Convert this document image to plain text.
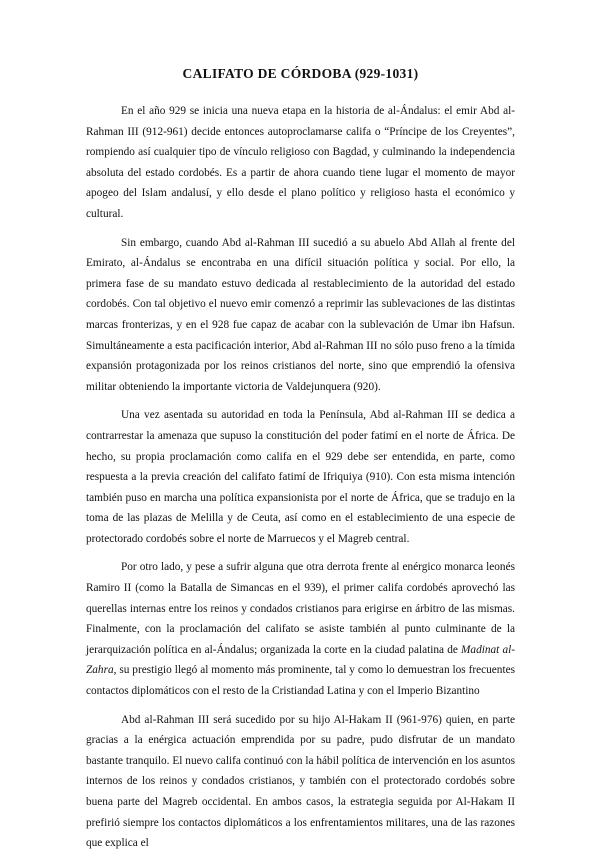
CALIFATO DE CÓRDOBA (929-1031)

En el año 929 se inicia una nueva etapa en la historia de al-Ándalus: el emir Abd al-Rahman III (912-961) decide entonces autoproclamarse califa o “Príncipe de los Creyentes”, rompiendo así cualquier tipo de vínculo religioso con Bagdad, y culminando la independencia absoluta del estado cordobés. Es a partir de ahora cuando tiene lugar el momento de mayor apogeo del Islam andalusí, y ello desde el plano político y religioso hasta el económico y cultural.

Sin embargo, cuando Abd al-Rahman III sucedió a su abuelo Abd Allah al frente del Emirato, al-Ándalus se encontraba en una difícil situación política y social. Por ello, la primera fase de su mandato estuvo dedicada al restablecimiento de la autoridad del estado cordobés. Con tal objetivo el nuevo emir comenzó a reprimir las sublevaciones de las distintas marcas fronterizas, y en el 928 fue capaz de acabar con la sublevación de Umar ibn Hafsun. Simultáneamente a esta pacificación interior, Abd al-Rahman III no sólo puso freno a la tímida expansión protagonizada por los reinos cristianos del norte, sino que emprendió la ofensiva militar obteniendo la importante victoria de Valdejunquera (920).

Una vez asentada su autoridad en toda la Península, Abd al-Rahman III se dedica a contrarrestar la amenaza que supuso la constitución del poder fatimí en el norte de África. De hecho, su propia proclamación como califa en el 929 debe ser entendida, en parte, como respuesta a la previa creación del califato fatimí de Ifriquiya (910). Con esta misma intención también puso en marcha una política expansionista por el norte de África, que se tradujo en la toma de las plazas de Melilla y de Ceuta, así como en el establecimiento de una especie de protectorado cordobés sobre el norte de Marruecos y el Magreb central.

Por otro lado, y pese a sufrir alguna que otra derrota frente al enérgico monarca leonés Ramiro II (como la Batalla de Simancas en el 939), el primer califa cordobés aprovechó las querellas internas entre los reinos y condados cristianos para erigirse en árbitro de las mismas. Finalmente, con la proclamación del califato se asiste también al punto culminante de la jerarquización política en al-Ándalus; organizada la corte en la ciudad palatina de Madinat al-Zahra, su prestigio llegó al momento más prominente, tal y como lo demuestran los frecuentes contactos diplomáticos con el resto de la Cristiandad Latina y con el Imperio Bizantino

Abd al-Rahman III será sucedido por su hijo Al-Hakam II (961-976) quien, en parte gracias a la enérgica actuación emprendida por su padre, pudo disfrutar de un mandato bastante tranquilo. El nuevo califa continuó con la hábil política de intervención en los asuntos internos de los reinos y condados cristianos, y también con el protectorado cordobés sobre buena parte del Magreb occidental. En ambos casos, la estrategia seguida por Al-Hakam II prefirió siempre los contactos diplomáticos a los enfrentamientos militares, una de las razones que explica el
